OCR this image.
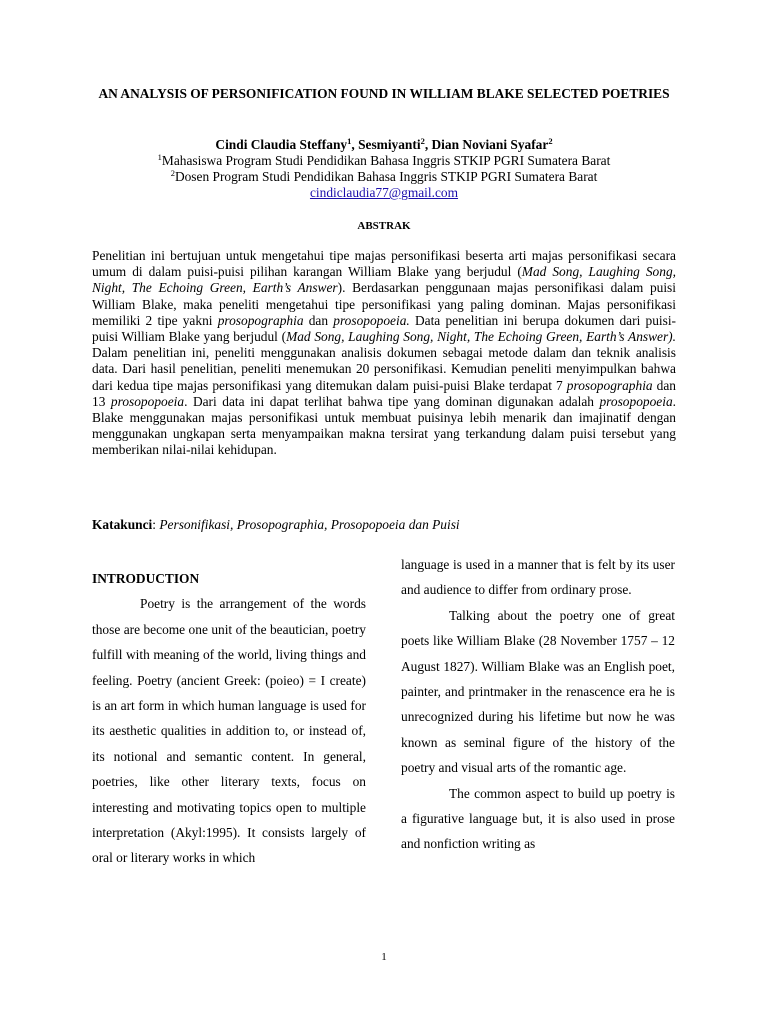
AN ANALYSIS OF PERSONIFICATION FOUND IN WILLIAM BLAKE SELECTED POETRIES
Cindi Claudia Steffany$^1$, Sesmiyanti$^2$, Dian Noviani Syafar$^2$
$^1$Mahasiswa Program Studi Pendidikan Bahasa Inggris STKIP PGRI Sumatera Barat
$^2$Dosen Program Studi Pendidikan Bahasa Inggris STKIP PGRI Sumatera Barat
cindiclaudia77@gmail.com
ABSTRAK

Penelitian ini bertujuan untuk mengetahui tipe majas personifikasi beserta arti majas personifikasi secara umum di dalam puisi-puisi pilihan karangan William Blake yang berjudul (Mad Song, Laughing Song, Night, The Echoing Green, Earth’s Answer). Berdasarkan penggunaan majas personifikasi dalam puisi William Blake, maka peneliti mengetahui tipe personifikasi yang paling dominan. Majas personifikasi memiliki 2 tipe yakni prosopographia dan prosopopoeia. Data penelitian ini berupa dokumen dari puisi-puisi William Blake yang berjudul (Mad Song, Laughing Song, Night, The Echoing Green, Earth’s Answer). Dalam penelitian ini, peneliti menggunakan analisis dokumen sebagai metode dalam dan teknik analisis data. Dari hasil penelitian, peneliti menemukan 20 personifikasi. Kemudian peneliti menyimpulkan bahwa dari kedua tipe majas personifikasi yang ditemukan dalam puisi-puisi Blake terdapat 7 prosopographia dan 13 prosopopoeia. Dari data ini dapat terlihat bahwa tipe yang dominan digunakan adalah prosopopoeia. Blake menggunakan majas personifikasi untuk membuat puisinya lebih menarik dan imajinatif dengan menggunakan ungkapan serta menyampaikan makna tersirat yang terkandung dalam puisi tersebut yang memberikan nilai-nilai kehidupan.

Katakunci: Personifikasi, Prosopographia, Prosopopoeia dan Puisi

INTRODUCTION

Poetry is the arrangement of the words those are become one unit of the beautician, poetry fulfill with meaning of the world, living things and feeling. Poetry (ancient Greek: (poieo) = I create) is an art form in which human language is used for its aesthetic qualities in addition to, or instead of, its notional and semantic content. In general, poetries, like other literary texts, focus on interesting and motivating topics open to multiple interpretation (Akyl:1995). It consists largely of oral or literary works in which

language is used in a manner that is felt by its user and audience to differ from ordinary prose.

Talking about the poetry one of great poets like William Blake (28 November 1757 – 12 August 1827). William Blake was an English poet, painter, and printmaker in the renascence era he is unrecognized during his lifetime but now he was known as seminal figure of the history of the poetry and visual arts of the romantic age.

The common aspect to build up poetry is a figurative language but, it is also used in prose and nonfiction writing as

1
